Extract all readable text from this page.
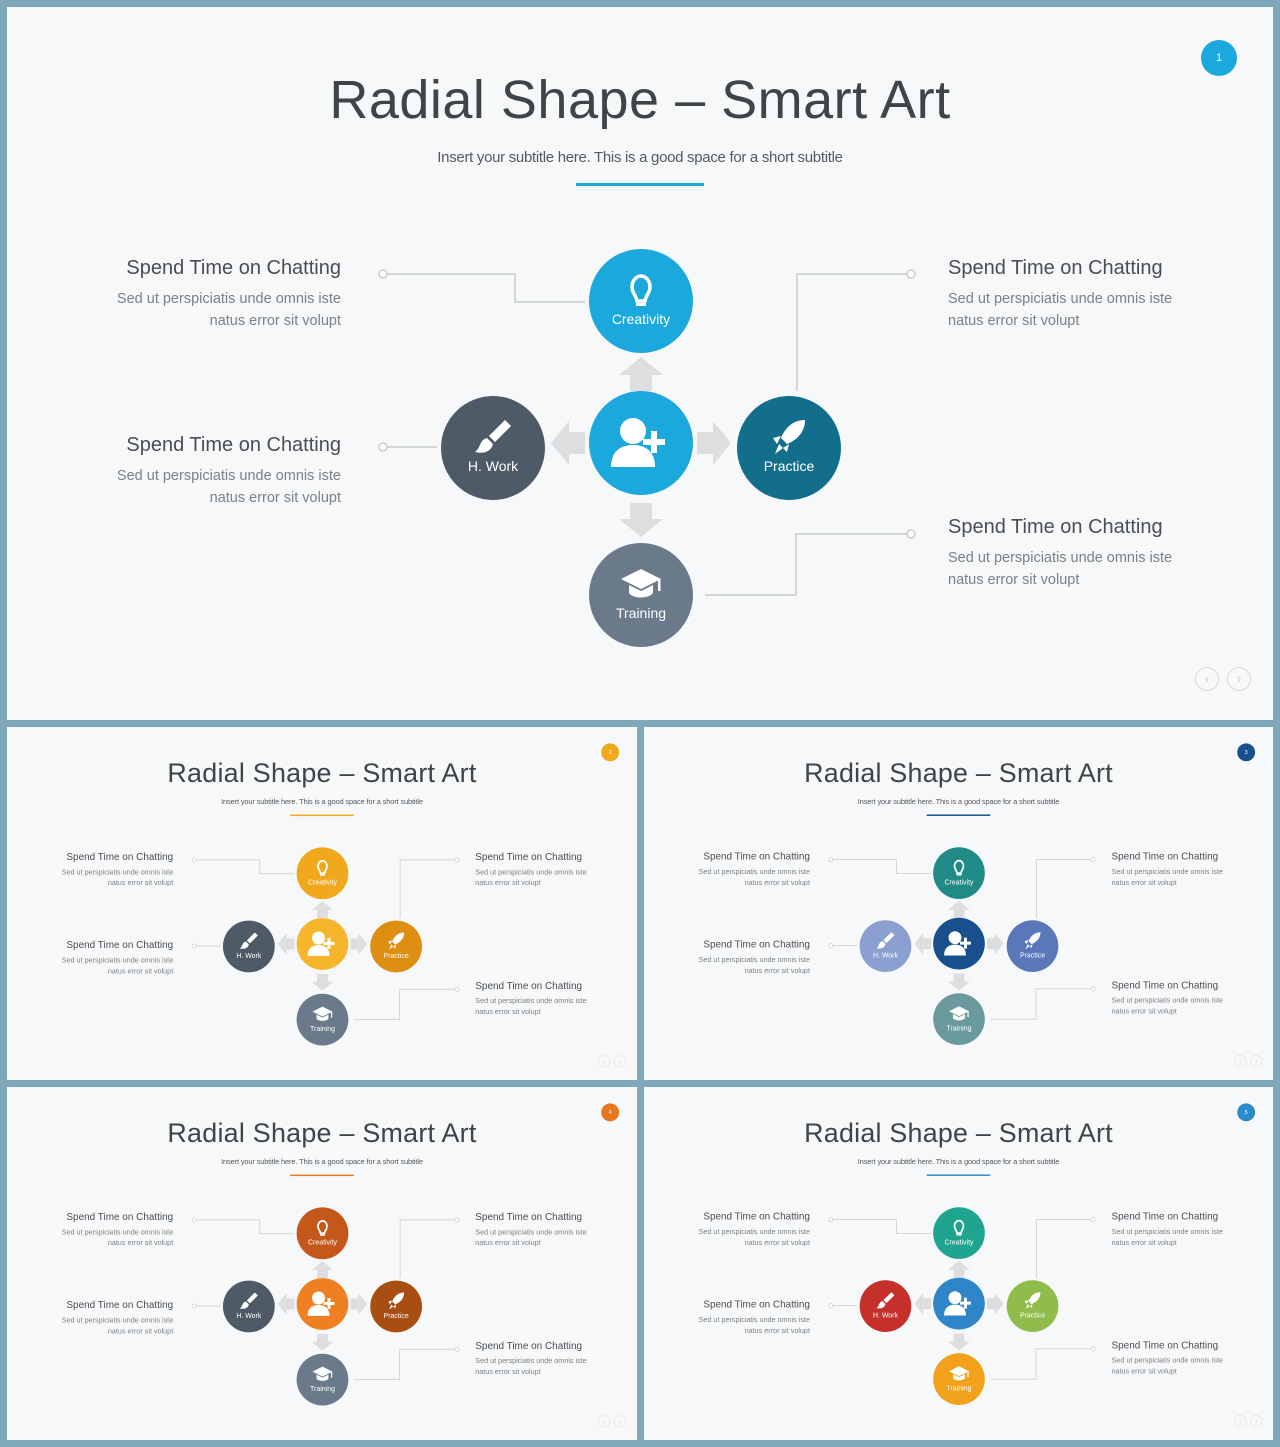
Radial Shape – Smart Art
Insert your subtitle here. This is a good space for a short subtitle
1
Spend Time on Chatting

Sed ut perspiciatis unde omnis iste natus error sit volupt

Spend Time on Chatting

Sed ut perspiciatis unde omnis iste natus error sit volupt

Spend Time on Chatting

Sed ut perspiciatis unde omnis iste natus error sit volupt

Spend Time on Chatting

Sed ut perspiciatis unde omnis iste natus error sit volupt

Creativity
H. Work	Practice
Training
‹	›
Radial Shape – Smart Art
Insert your subtitle here. This is a good space for a short subtitle
2
Spend Time on Chatting

Sed ut perspiciatis unde omnis iste natus error sit volupt

Spend Time on Chatting

Sed ut perspiciatis unde omnis iste natus error sit volupt

Spend Time on Chatting

Sed ut perspiciatis unde omnis iste natus error sit volupt

Spend Time on Chatting

Sed ut perspiciatis unde omnis iste natus error sit volupt

Creativity
H. Work	Practice
Training
‹	›
Radial Shape – Smart Art
Insert your subtitle here. This is a good space for a short subtitle
3
Spend Time on Chatting

Sed ut perspiciatis unde omnis iste natus error sit volupt

Spend Time on Chatting

Sed ut perspiciatis unde omnis iste natus error sit volupt

Spend Time on Chatting

Sed ut perspiciatis unde omnis iste natus error sit volupt

Spend Time on Chatting

Sed ut perspiciatis unde omnis iste natus error sit volupt

Creativity
H. Work	Practice
Training
‹	›
Radial Shape – Smart Art
Insert your subtitle here. This is a good space for a short subtitle
4
Spend Time on Chatting

Sed ut perspiciatis unde omnis iste natus error sit volupt

Spend Time on Chatting

Sed ut perspiciatis unde omnis iste natus error sit volupt

Spend Time on Chatting

Sed ut perspiciatis unde omnis iste natus error sit volupt

Spend Time on Chatting

Sed ut perspiciatis unde omnis iste natus error sit volupt

Creativity
H. Work	Practice
Training
‹	›
Radial Shape – Smart Art
Insert your subtitle here. This is a good space for a short subtitle
5
Spend Time on Chatting

Sed ut perspiciatis unde omnis iste natus error sit volupt

Spend Time on Chatting

Sed ut perspiciatis unde omnis iste natus error sit volupt

Spend Time on Chatting

Sed ut perspiciatis unde omnis iste natus error sit volupt

Spend Time on Chatting

Sed ut perspiciatis unde omnis iste natus error sit volupt

Creativity
H. Work	Practice
Training
‹	›
